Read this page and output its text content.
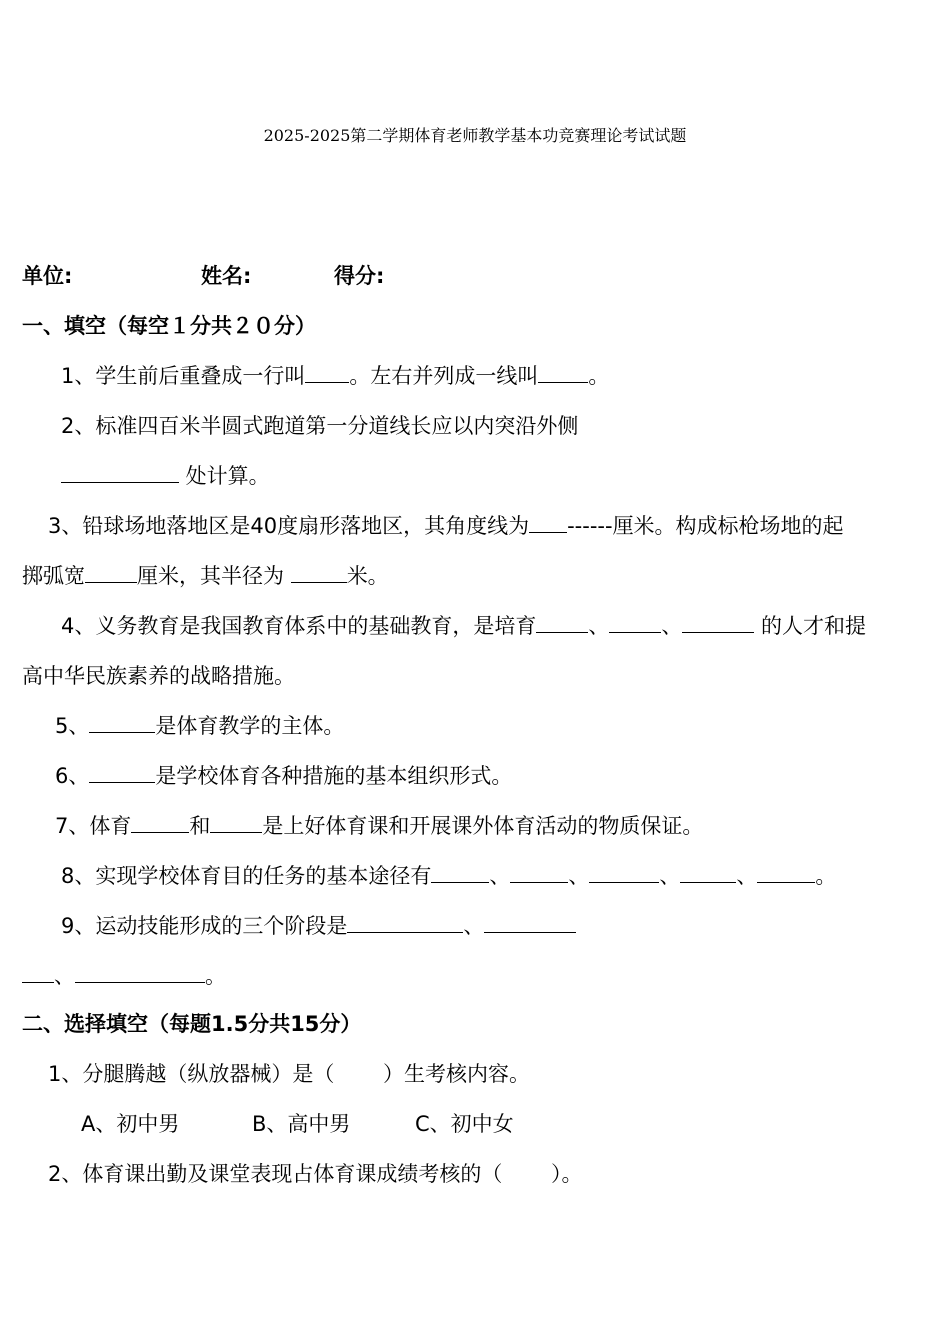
2025-2025第二学期体育老师教学基本功竞赛理论考试试题
单位:	姓名:	得分:
一、填空（每空１分共２０分）
1、学生前后重叠成一行叫 。左右并列成一线叫 。
2、标准四百米半圆式跑道第一分道线长应以内突沿外侧
处计算。
3、铅球场地落地区是40度扇形落地区，其角度线为 ------厘米。构成标枪场地的起
掷弧宽 厘米，其半径为	米。
4、义务教育是我国教育体系中的基础教育，是培育 、 、	的人才和提
高中华民族素养的战略措施。
5、	是体育教学的主体。
6、	是学校体育各种措施的基本组织形式。
7、体育	和 是上好体育课和开展课外体育活动的物质保证。
8、实现学校体育目的任务的基本途径有	、	、	、	、	。
9、运动技能形成的三个阶段是	、
、	。
二、选择填空（每题1.5分共15分）
1、分腿腾越（纵放器械）是（　　 ）生考核内容。
A、初中男	B、高中男	C、初中女
2、体育课出勤及课堂表现占体育课成绩考核的（　　 ）。
